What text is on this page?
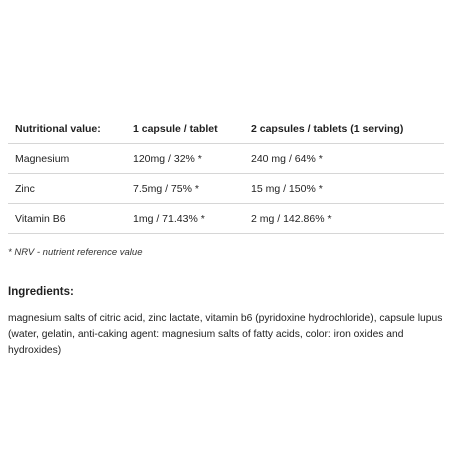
Nutritional value:	1 capsule / tablet	2 capsules / tablets (1 serving)
Magnesium	120mg / 32% *	240 mg / 64% *
Zinc	7.5mg / 75% *	15 mg / 150% *
Vitamin B6	1mg / 71.43% *	2 mg / 142.86% *
* NRV - nutrient reference value
Ingredients:
magnesium salts of citric acid, zinc lactate, vitamin b6 (pyridoxine hydrochloride), capsule lupus (water, gelatin, anti-caking agent: magnesium salts of fatty acids, color: iron oxides and hydroxides)
